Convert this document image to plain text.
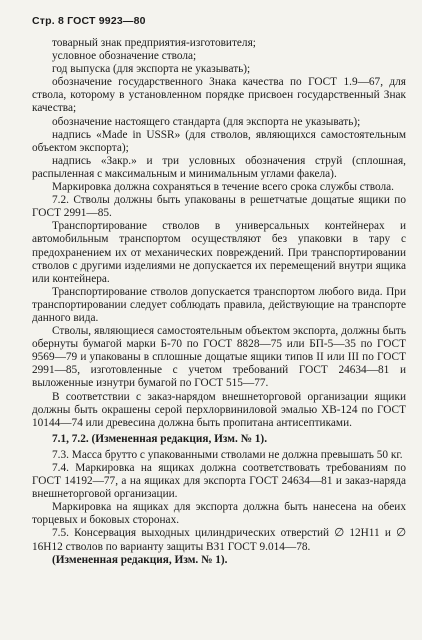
Стр. 8 ГОСТ 9923—80

товарный знак предприятия-изготовителя;

условное обозначение ствола;

год выпуска (для экспорта не указывать);

обозначение государственного Знака качества по ГОСТ 1.9—67, для ствола, которому в установленном порядке присвоен государственный Знак качества;

обозначение настоящего стандарта (для экспорта не указывать);

надпись «Made in USSR» (для стволов, являющихся самостоятельным объектом экспорта);

надпись «Закр.» и три условных обозначения струй (сплошная, распыленная с максимальным и минимальным углами факела).

Маркировка должна сохраняться в течение всего срока службы ствола.

7.2. Стволы должны быть упакованы в решетчатые дощатые ящики по ГОСТ 2991—85.

Транспортирование стволов в универсальных контейнерах и автомобильным транспортом осуществляют без упаковки в тару с предохранением их от механических повреждений. При транспортировании стволов с другими изделиями не допускается их перемещений внутри ящика или контейнера.

Транспортирование стволов допускается транспортом любого вида. При транспортировании следует соблюдать правила, действующие на транспорте данного вида.

Стволы, являющиеся самостоятельным объектом экспорта, должны быть обернуты бумагой марки Б-70 по ГОСТ 8828—75 или БП-5—35 по ГОСТ 9569—79 и упакованы в сплошные дощатые ящики типов II или III по ГОСТ 2991—85, изготовленные с учетом требований ГОСТ 24634—81 и выложенные изнутри бумагой по ГОСТ 515—77.

В соответствии с заказ-нарядом внешнеторговой организации ящики должны быть окрашены серой перхлорвиниловой эмалью ХВ-124 по ГОСТ 10144—74 или древесина должна быть пропитана антисептиками.

7.1, 7.2. (Измененная редакция, Изм. № 1).

7.3. Масса брутто с упакованными стволами не должна превышать 50 кг.

7.4. Маркировка на ящиках должна соответствовать требованиям по ГОСТ 14192—77, а на ящиках для экспорта ГОСТ 24634—81 и заказ-наряда внешнеторговой организации.

Маркировка на ящиках для экспорта должна быть нанесена на обеих торцевых и боковых сторонах.

7.5. Консервация выходных цилиндрических отверстий ∅ 12Н11 и ∅ 16Н12 стволов по варианту защиты ВЗ1 ГОСТ 9.014—78.

(Измененная редакция, Изм. № 1).
